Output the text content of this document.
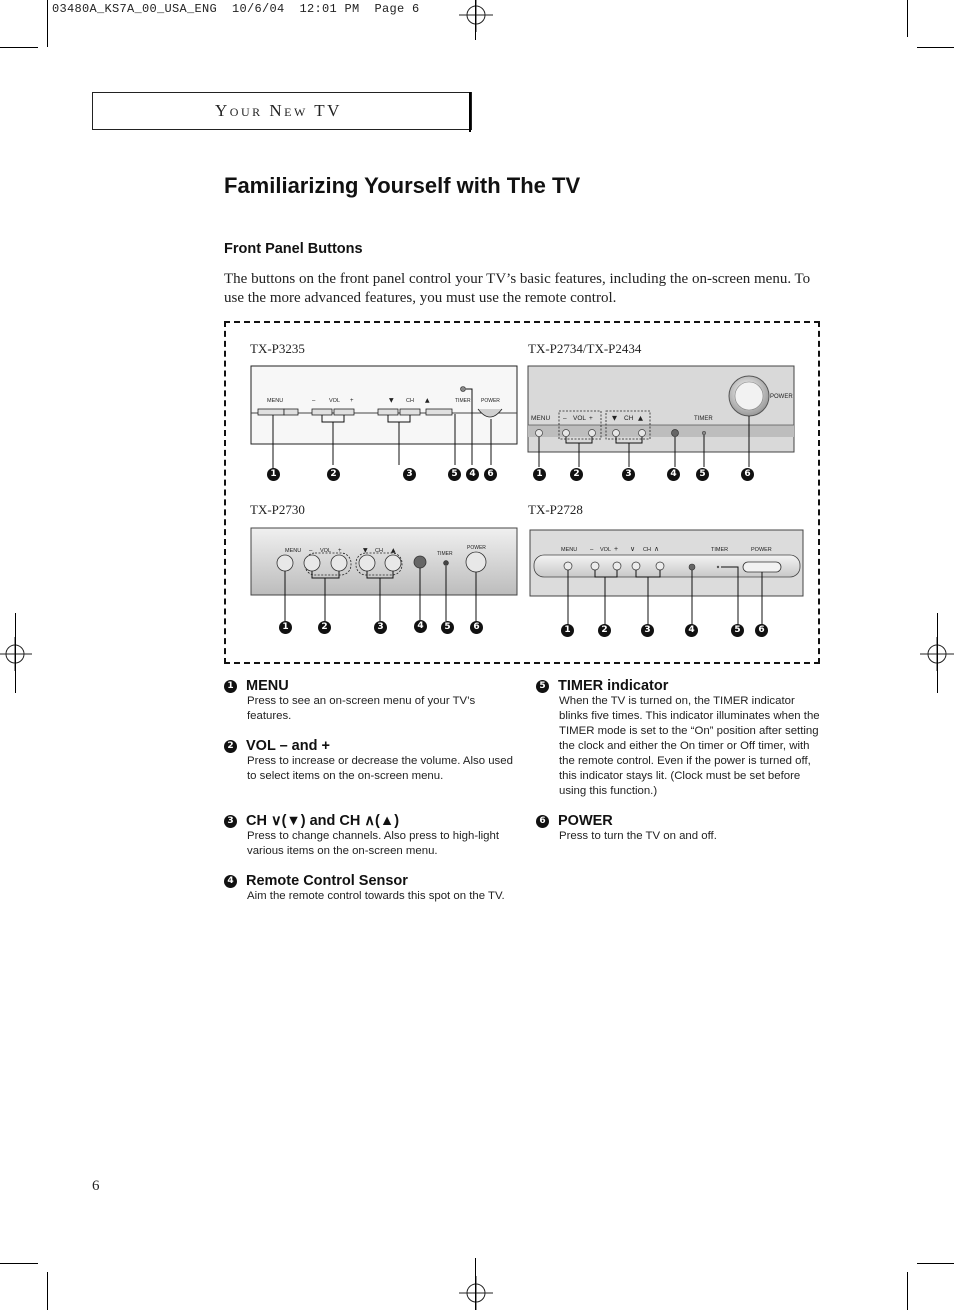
03480A_KS7A_00_USA_ENG  10/6/04  12:01 PM  Page 6
Your New TV
Familiarizing Yourself with The TV
Front Panel Buttons
The buttons on the front panel control your TV’s basic features, including the on-screen menu. To use the more advanced features, you must use the remote control.
TX-P3235	TX-P2734/TX-P2434
TX-P2730	TX-P2728
MENU	– VOL +	▼ CH ▲	TIMER POWER
1	2	3	5	4	6
POWER
MENU – VOL +	▼ CH ▲	TIMER
1	2	3	4	5	6
MENU – VOL +	▼ CH ▲	TIMER
POWER
1	2	3	4	5	6
MENU – VOL + ∨ CH ∧	TIMER	POWER
1	2	3	4	5	6
1 MENU
Press to see an on-screen menu of your TV’s features.
2 VOL – and +
Press to increase or decrease the volume. Also used to select items on the on-screen menu.
3 CH ∨(▼) and CH ∧(▲)
Press to change channels. Also press to high-light various items on the on-screen menu.
4 Remote Control Sensor
Aim the remote control towards this spot on the TV.
5 TIMER indicator
When the TV is turned on, the TIMER indicator blinks five times. This indicator illuminates when the TIMER mode is set to the “On” position after setting the clock and either the On timer or Off timer, with the remote control. Even if the power is turned off, this indicator stays lit. (Clock must be set before using this function.)
6 POWER
Press to turn the TV on and off.
6
